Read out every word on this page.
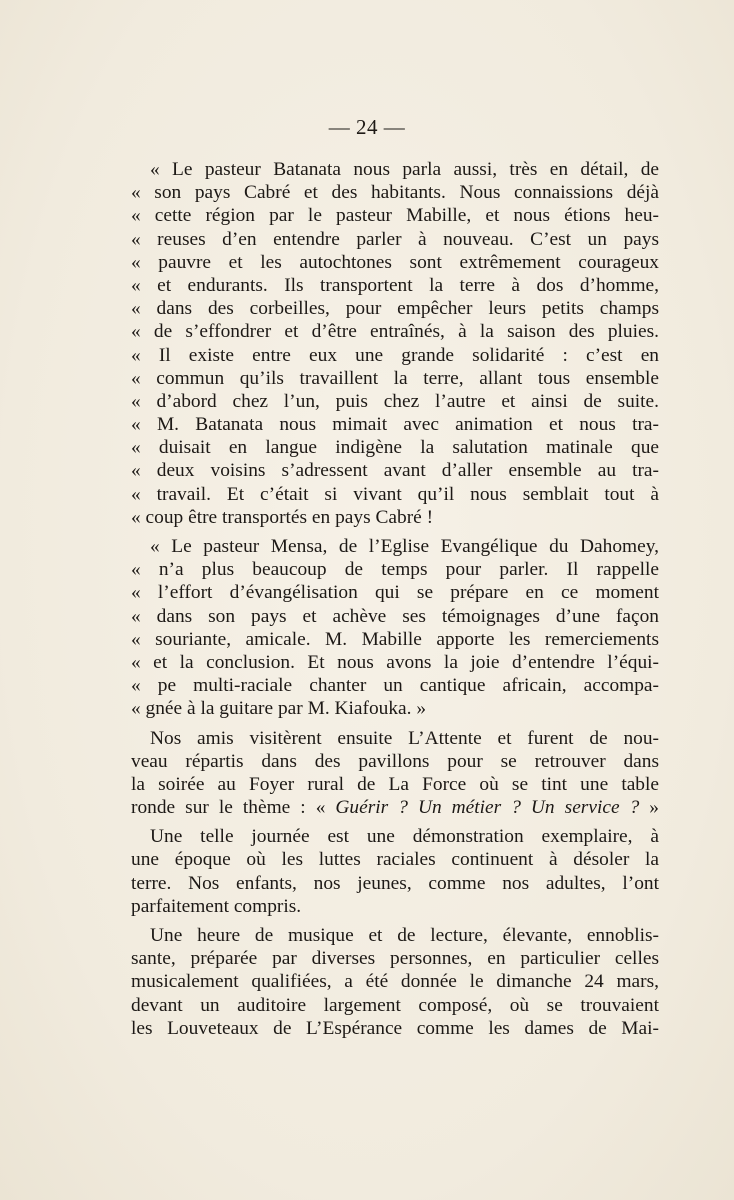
— 24 —
« Le pasteur Batanata nous parla aussi, très en détail, de
« son pays Cabré et des habitants. Nous connaissions déjà
« cette région par le pasteur Mabille, et nous étions heu-
« reuses d’en entendre parler à nouveau. C’est un pays
« pauvre et les autochtones sont extrêmement courageux
« et endurants. Ils transportent la terre à dos d’homme,
« dans des corbeilles, pour empêcher leurs petits champs
« de s’effondrer et d’être entraînés, à la saison des pluies.
« Il existe entre eux une grande solidarité : c’est en
« commun qu’ils travaillent la terre, allant tous ensemble
« d’abord chez l’un, puis chez l’autre et ainsi de suite.
« M. Batanata nous mimait avec animation et nous tra-
« duisait en langue indigène la salutation matinale que
« deux voisins s’adressent avant d’aller ensemble au tra-
« travail. Et c’était si vivant qu’il nous semblait tout à
« coup être transportés en pays Cabré !
« Le pasteur Mensa, de l’Eglise Evangélique du Dahomey,
« n’a plus beaucoup de temps pour parler. Il rappelle
« l’effort d’évangélisation qui se prépare en ce moment
« dans son pays et achève ses témoignages d’une façon
« souriante, amicale. M. Mabille apporte les remerciements
« et la conclusion. Et nous avons la joie d’entendre l’équi-
« pe multi-raciale chanter un cantique africain, accompa-
« gnée à la guitare par M. Kiafouka. »
Nos amis visitèrent ensuite L’Attente et furent de nou-
veau répartis dans des pavillons pour se retrouver dans
la soirée au Foyer rural de La Force où se tint une table
ronde sur le thème : « Guérir ? Un métier ? Un service ? »
Une telle journée est une démonstration exemplaire, à
une époque où les luttes raciales continuent à désoler la
terre. Nos enfants, nos jeunes, comme nos adultes, l’ont
parfaitement compris.
Une heure de musique et de lecture, élevante, ennoblis-
sante, préparée par diverses personnes, en particulier celles
musicalement qualifiées, a été donnée le dimanche 24 mars,
devant un auditoire largement composé, où se trouvaient
les Louveteaux de L’Espérance comme les dames de Mai-
